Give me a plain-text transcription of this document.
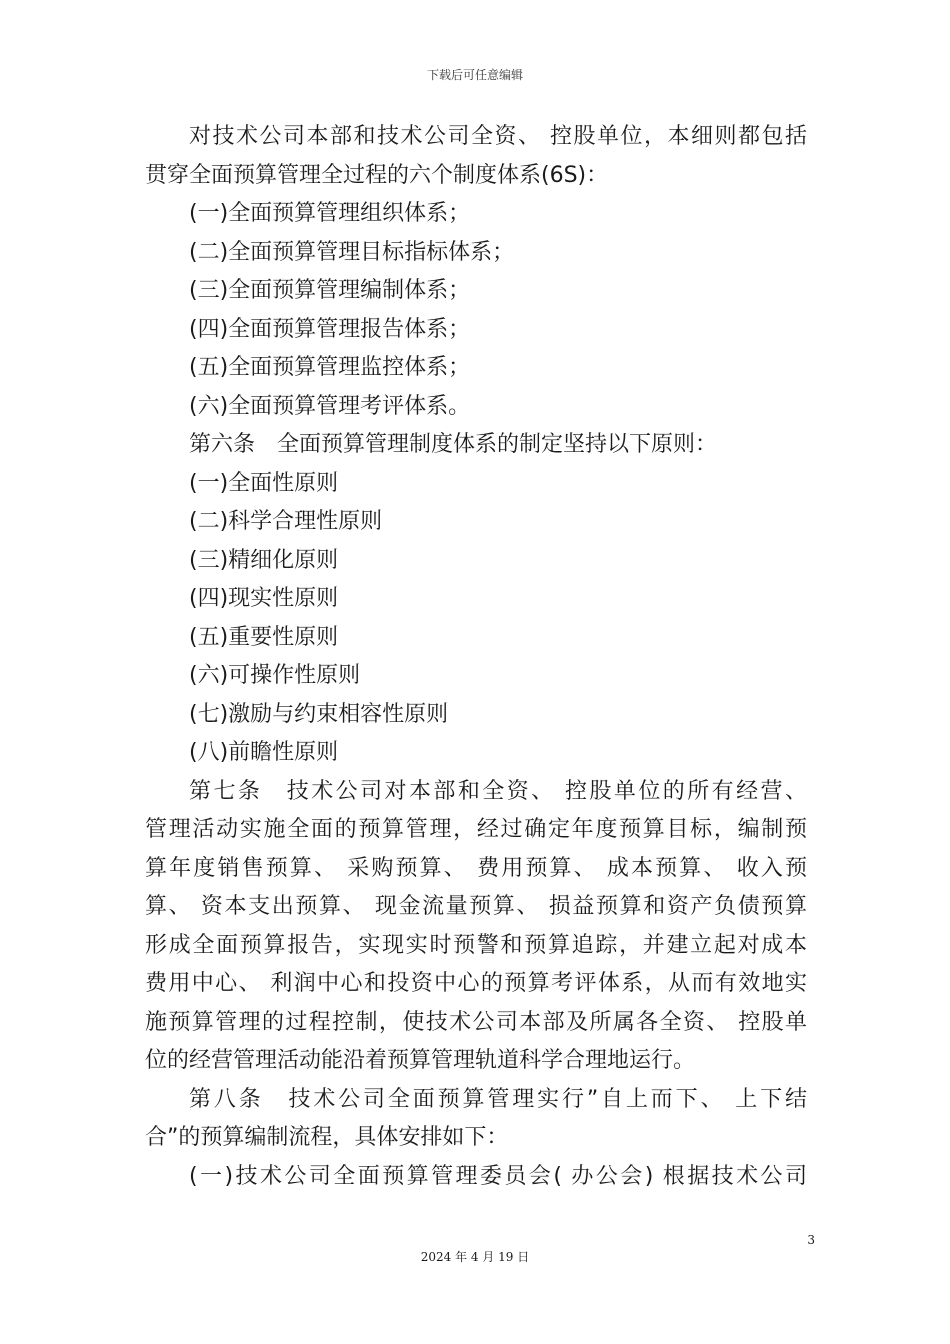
下载后可任意编辑
对技术公司本部和技术公司全资、 控股单位，本细则都包括
贯穿全面预算管理全过程的六个制度体系(6S)：
(一)全面预算管理组织体系；
(二)全面预算管理目标指标体系；
(三)全面预算管理编制体系；
(四)全面预算管理报告体系；
(五)全面预算管理监控体系；
(六)全面预算管理考评体系。
第六条　全面预算管理制度体系的制定坚持以下原则：
(一)全面性原则
(二)科学合理性原则
(三)精细化原则
(四)现实性原则
(五)重要性原则
(六)可操作性原则
(七)激励与约束相容性原则
(八)前瞻性原则
第七条　技术公司对本部和全资、 控股单位的所有经营、
管理活动实施全面的预算管理，经过确定年度预算目标，编制预
算年度销售预算、 采购预算、 费用预算、 成本预算、 收入预
算、 资本支出预算、 现金流量预算、 损益预算和资产负债预算
形成全面预算报告，实现实时预警和预算追踪，并建立起对成本
费用中心、 利润中心和投资中心的预算考评体系，从而有效地实
施预算管理的过程控制，使技术公司本部及所属各全资、 控股单
位的经营管理活动能沿着预算管理轨道科学合理地运行。
第八条　技术公司全面预算管理实行”自上而下、 上下结
合”的预算编制流程，具体安排如下：
(一)技术公司全面预算管理委员会( 办公会) 根据技术公司
3
2024 年 4 月 19 日
